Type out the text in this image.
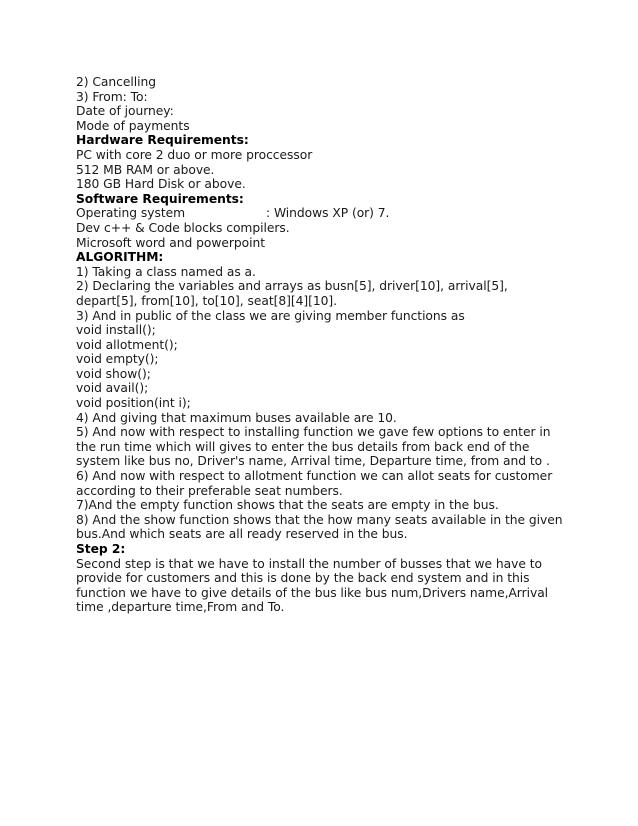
2) Cancelling
3) From: To:
Date of journey:
Mode of payments
Hardware Requirements:
PC with core 2 duo or more proccessor
512 MB RAM or above.
180 GB Hard Disk or above.
Software Requirements:
Operating system	: Windows XP (or) 7.
Dev c++ & Code blocks compilers.
Microsoft word and powerpoint
ALGORITHM:
1) Taking a class named as a.
2) Declaring the variables and arrays as busn[5], driver[10], arrival[5],
depart[5], from[10], to[10], seat[8][4][10].
3) And in public of the class we are giving member functions as
void install();
void allotment();
void empty();
void show();
void avail();
void position(int i);
4) And giving that maximum buses available are 10.
5) And now with respect to installing function we gave few options to enter in
the run time which will gives to enter the bus details from back end of the
system like bus no, Driver's name, Arrival time, Departure time, from and to .
6) And now with respect to allotment function we can allot seats for customer
according to their preferable seat numbers.
7)And the empty function shows that the seats are empty in the bus.
8) And the show function shows that the how many seats available in the given
bus.And which seats are all ready reserved in the bus.
Step 2:
Second step is that we have to install the number of busses that we have to
provide for customers and this is done by the back end system and in this
function we have to give details of the bus like bus num,Drivers name,Arrival
time ,departure time,From and To.
